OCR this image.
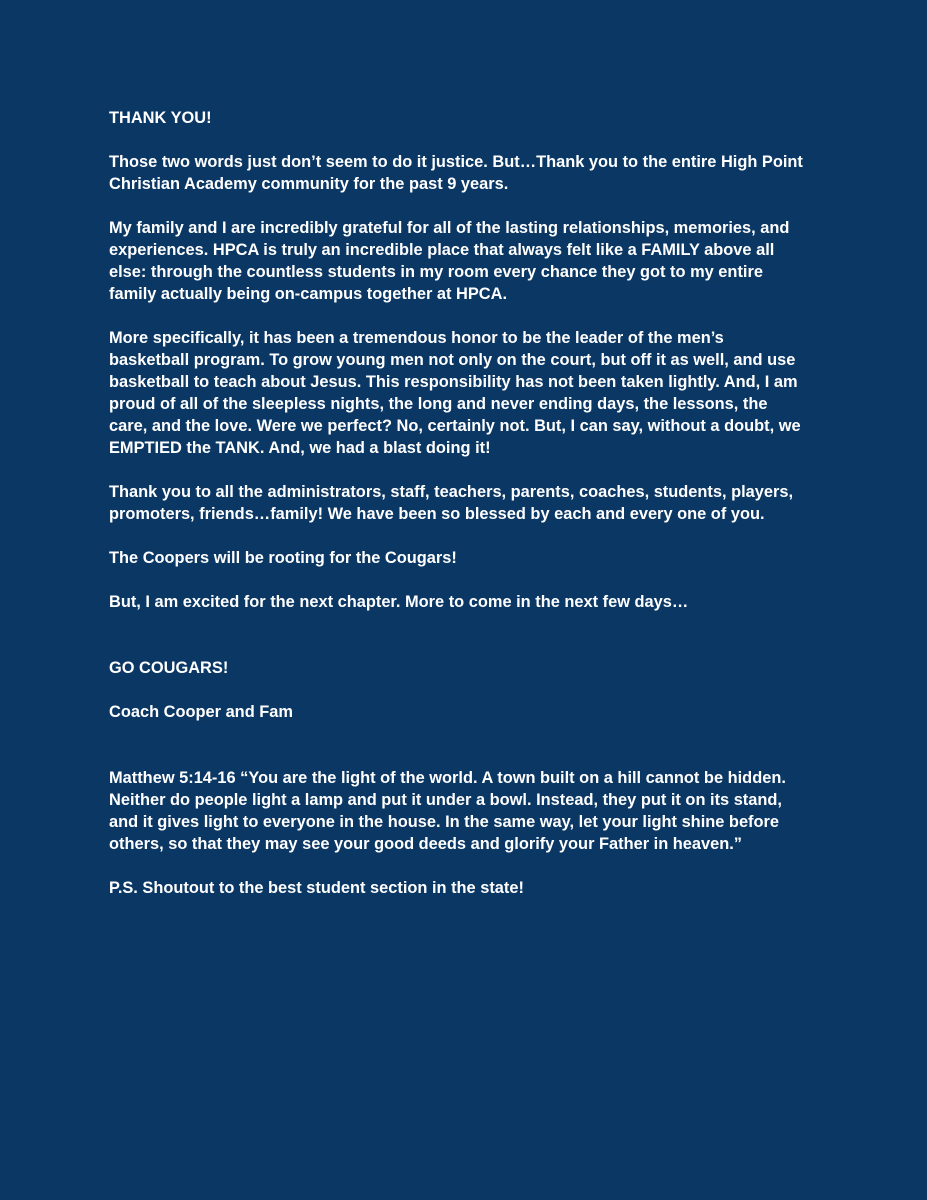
THANK YOU!

Those two words just don’t seem to do it justice. But…Thank you to the entire High Point
Christian Academy community for the past 9 years.

My family and I are incredibly grateful for all of the lasting relationships, memories, and
experiences. HPCA is truly an incredible place that always felt like a FAMILY above all
else: through the countless students in my room every chance they got to my entire
family actually being on-campus together at HPCA.

More specifically, it has been a tremendous honor to be the leader of the men’s
basketball program. To grow young men not only on the court, but off it as well, and use
basketball to teach about Jesus. This responsibility has not been taken lightly. And, I am
proud of all of the sleepless nights, the long and never ending days, the lessons, the
care, and the love. Were we perfect? No, certainly not. But, I can say, without a doubt, we
EMPTIED the TANK. And, we had a blast doing it!

Thank you to all the administrators, staff, teachers, parents, coaches, students, players,
promoters, friends…family! We have been so blessed by each and every one of you.

The Coopers will be rooting for the Cougars!

But, I am excited for the next chapter. More to come in the next few days…

GO COUGARS!

Coach Cooper and Fam

Matthew 5:14-16 “You are the light of the world. A town built on a hill cannot be hidden.
Neither do people light a lamp and put it under a bowl. Instead, they put it on its stand,
and it gives light to everyone in the house. In the same way, let your light shine before
others, so that they may see your good deeds and glorify your Father in heaven.”

P.S. Shoutout to the best student section in the state!
